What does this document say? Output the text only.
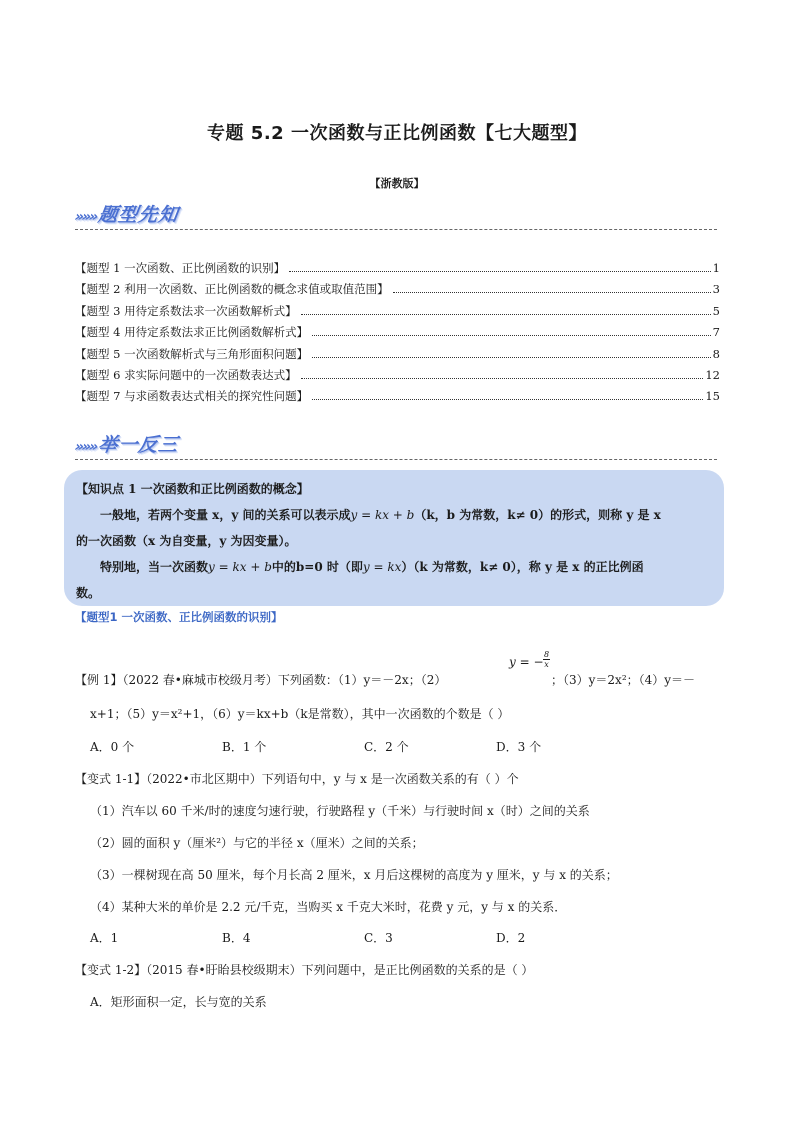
专题 5.2 一次函数与正比例函数【七大题型】
【浙教版】
»»»题型先知
【题型 1 一次函数、正比例函数的识别】	1
【题型 2 利用一次函数、正比例函数的概念求值或取值范围】	3
【题型 3 用待定系数法求一次函数解析式】	5
【题型 4 用待定系数法求正比例函数解析式】	7
【题型 5 一次函数解析式与三角形面积问题】	8
【题型 6 求实际问题中的一次函数表达式】	12
【题型 7 与求函数表达式相关的探究性问题】	15
»»»举一反三
【知识点 1 一次函数和正比例函数的概念】
一般地，若两个变量 x，y 间的关系可以表示成y = kx + b（k，b 为常数，k≠ 0）的形式，则称 y 是 x
的一次函数（x 为自变量，y 为因变量）。
特别地，当一次函数y = kx + b中的b=0 时（即y = kx）（k 为常数，k≠ 0），称 y 是 x 的正比例函
数。
【题型1 一次函数、正比例函数的识别】
y = − $\frac{8}{x}$
【例 1】（2022 春•麻城市校级月考）下列函数：（1）y＝－2x；（2）	；（3）y＝2x²；（4）y＝－
x+1；（5）y＝x²+1，（6）y＝kx+b（k是常数），其中一次函数的个数是（ ）
A．0 个	B．1 个	C．2 个	D．3 个
【变式 1-1】（2022•市北区期中）下列语句中，y 与 x 是一次函数关系的有（ ）个
（1）汽车以 60 千米/时的速度匀速行驶，行驶路程 y（千米）与行驶时间 x（时）之间的关系
（2）圆的面积 y（厘米²）与它的半径 x（厘米）之间的关系；
（3）一棵树现在高 50 厘米，每个月长高 2 厘米，x 月后这棵树的高度为 y 厘米，y 与 x 的关系；
（4）某种大米的单价是 2.2 元/千克，当购买 x 千克大米时，花费 y 元，y 与 x 的关系．
A．1	B．4	C．3	D．2
【变式 1-2】（2015 春•盱眙县校级期末）下列问题中，是正比例函数的关系的是（ ）
A．矩形面积一定，长与宽的关系
